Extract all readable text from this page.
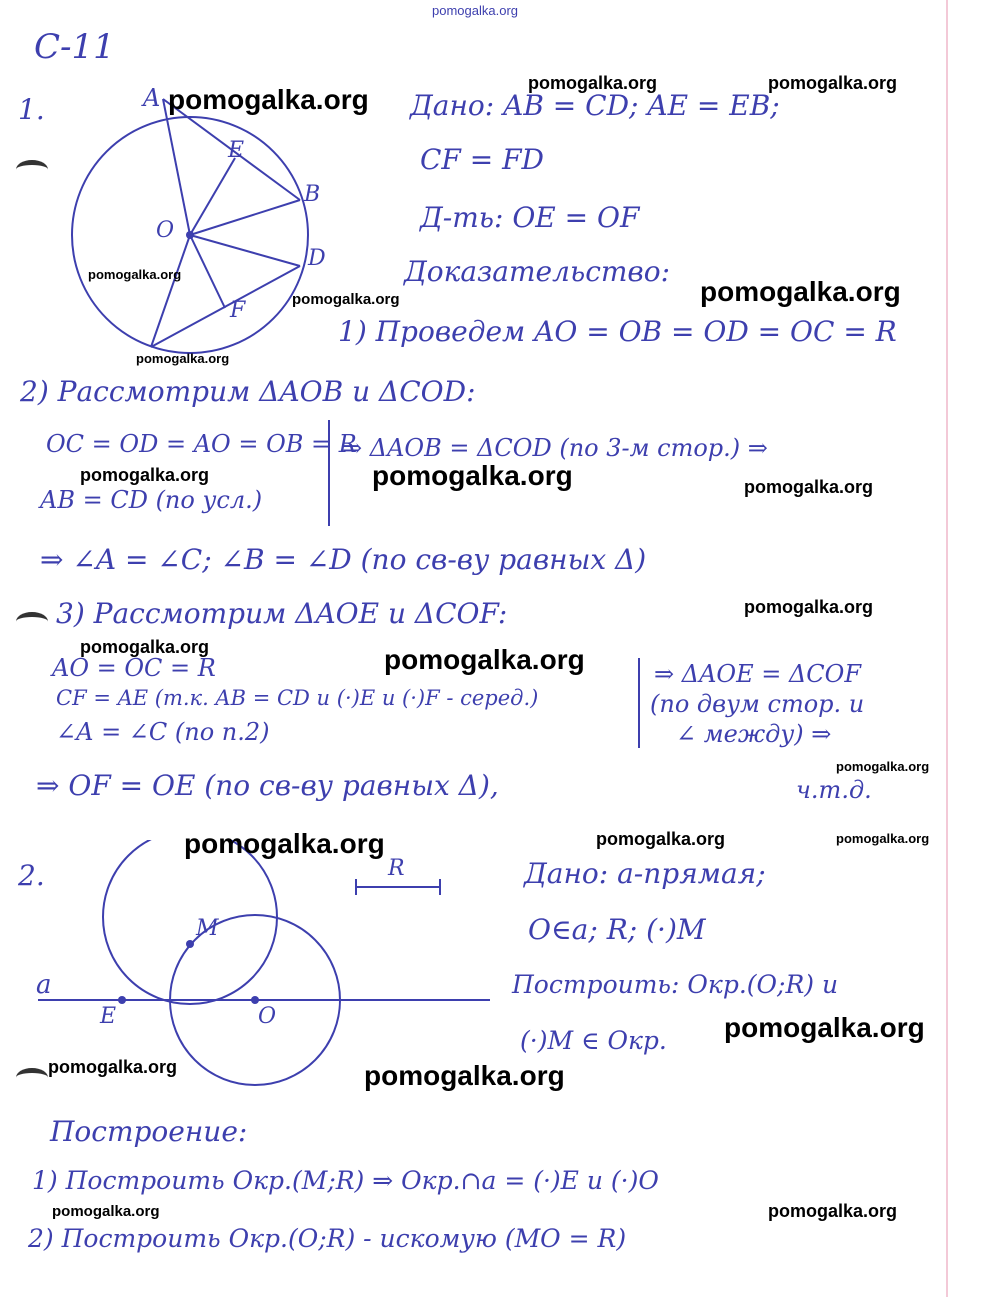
pomogalka.org
С-11
1.	A
E
B
O
D
F
Дано: AB = CD; AE = EB;
CF = FD
Д-ть: OE = OF
Доказательство:
1) Проведем AO = OB = OD = OC = R
2) Рассмотрим ΔAOB и ΔCOD:
OC = OD = AO = OB = R
AB = CD (по усл.)
⇒ ΔAOB = ΔCOD (по 3-м стор.) ⇒
⇒ ∠A = ∠C; ∠B = ∠D (по св-ву равных Δ)
3) Рассмотрим ΔAOE и ΔCOF:
AO = OC = R
CF = AE (т.к. AB = CD и (·)E и (·)F - серед.)
∠A = ∠C (по п.2)
⇒ ΔAOE = ΔCOF
(по двум стор. и
∠ между) ⇒
⇒ OF = OE (по св-ву равных Δ),	ч.т.д.
2.	R
M
a
E	O
Дано: a-прямая;
O∈a; R; (·)M
Построить: Окр.(O;R) и
(·)M ∈ Окр.
Построение:
1) Построить Окр.(M;R) ⇒ Окр.∩a = (·)E и (·)O
2) Построить Окр.(O;R) - искомую (MO = R)
pomogalka.org	pomogalka.org
pomogalka.org
pomogalka.org
pomogalka.org
pomogalka.org
pomogalka.org
pomogalka.org	pomogalka.org	pomogalka.org
pomogalka.org
pomogalka.org	pomogalka.org
pomogalka.org
pomogalka.org	pomogalka.org	pomogalka.org
pomogalka.org
pomogalka.org	pomogalka.org
pomogalka.org	pomogalka.org
